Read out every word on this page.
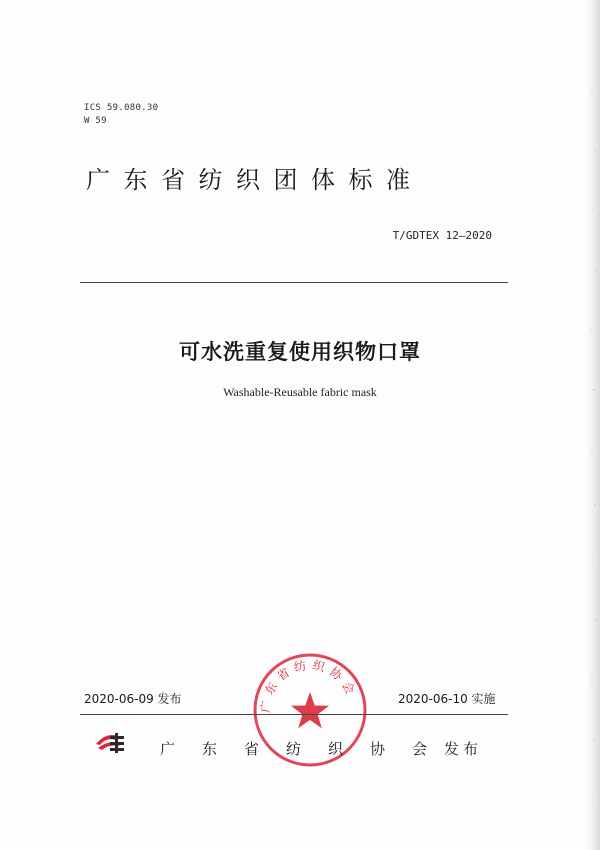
ICS 59.080.30
W 59
广东省纺织团体标准
T/GDTEX 12—2020
可水洗重复使用织物口罩
Washable-Reusable fabric mask
广东省纺织协会
2020-06-09 发布	2020-06-10 实施
广东省纺织协会
发布
